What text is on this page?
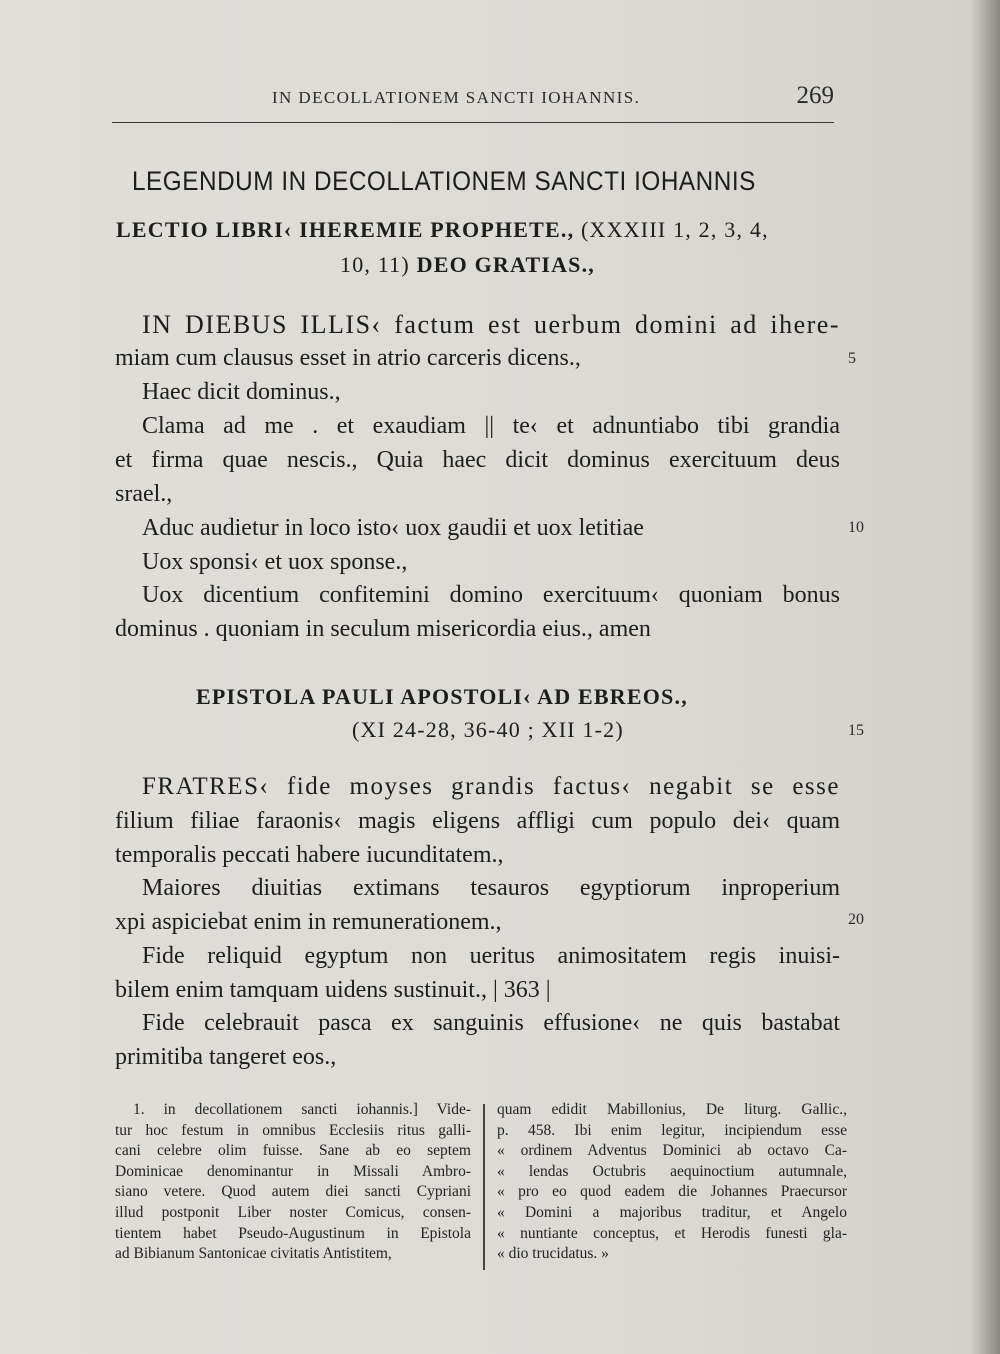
IN DECOLLATIONEM SANCTI IOHANNIS.	269
LEGENDUM IN DECOLLATIONEM SANCTI IOHANNIS
LECTIO LIBRI‹ IHEREMIE PROPHETE., (XXXIII 1, 2, 3, 4,
10, 11) DEO GRATIAS.,
IN DIEBUS ILLIS‹ factum est uerbum domini ad ihere-
miam cum clausus esset in atrio carceris dicens.,
Haec dicit dominus.,
Clama ad me . et exaudiam || te‹ et adnuntiabo tibi grandia
et firma quae nescis., Quia haec dicit dominus exercituum deus
srael.,
Aduc audietur in loco isto‹ uox gaudii et uox letitiae
Uox sponsi‹ et uox sponse.,
Uox dicentium confitemini domino exercituum‹ quoniam bonus
dominus . quoniam in seculum misericordia eius., amen
EPISTOLA PAULI APOSTOLI‹ AD EBREOS.,
(XI 24-28, 36-40 ; XII 1-2)
FRATRES‹ fide moyses grandis factus‹ negabit se esse
filium filiae faraonis‹ magis eligens affligi cum populo dei‹ quam
temporalis peccati habere iucunditatem.,
Maiores diuitias extimans tesauros egyptiorum inproperium
xpi aspiciebat enim in remunerationem.,
Fide reliquid egyptum non ueritus animositatem regis inuisi-
bilem enim tamquam uidens sustinuit., | 363 |
Fide celebrauit pasca ex sanguinis effusione‹ ne quis bastabat
primitiba tangeret eos.,
5
10
15
20
1. in decollationem sancti iohannis.] Vide-
tur hoc festum in omnibus Ecclesiis ritus galli-
cani celebre olim fuisse. Sane ab eo septem
Dominicae denominantur in Missali Ambro-
siano vetere. Quod autem diei sancti Cypriani
illud postponit Liber noster Comicus, consen-
tientem habet Pseudo-Augustinum in Epistola
ad Bibianum Santonicae civitatis Antistitem,
quam edidit Mabillonius, De liturg. Gallic.,
p. 458. Ibi enim legitur, incipiendum esse
« ordinem Adventus Dominici ab octavo Ca-
« lendas Octubris aequinoctium autumnale,
« pro eo quod eadem die Johannes Praecursor
« Domini a majoribus traditur, et Angelo
« nuntiante conceptus, et Herodis funesti gla-
« dio trucidatus. »
